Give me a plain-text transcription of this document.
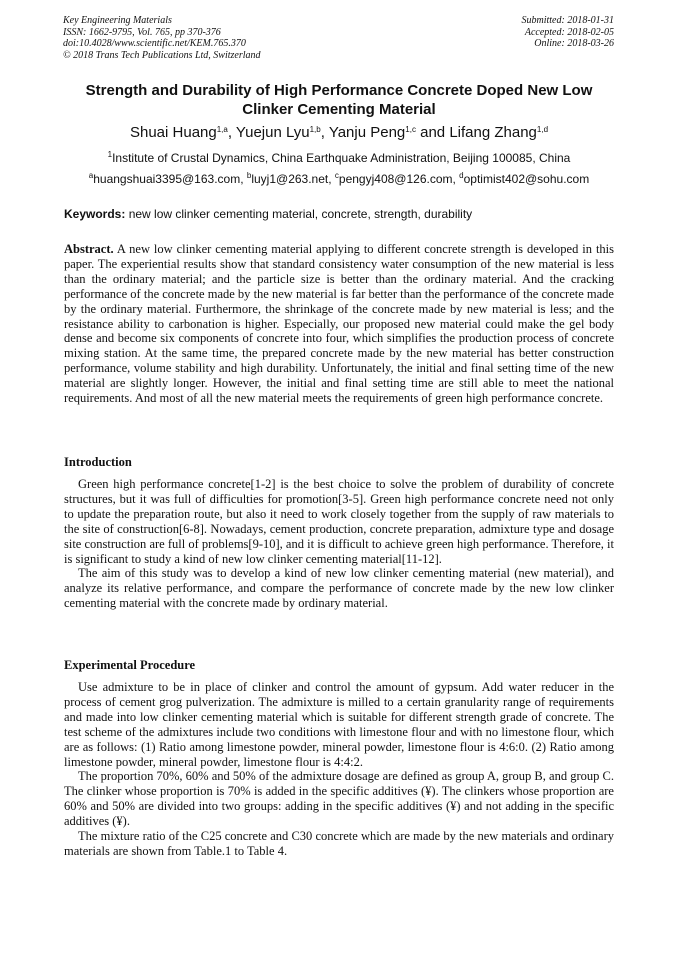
Key Engineering Materials
ISSN: 1662-9795, Vol. 765, pp 370-376
doi:10.4028/www.scientific.net/KEM.765.370
© 2018 Trans Tech Publications Ltd, Switzerland
Submitted: 2018-01-31
Accepted: 2018-02-05
Online: 2018-03-26
Strength and Durability of High Performance Concrete Doped New Low Clinker Cementing Material
Shuai Huang$^{1,a}$, Yuejun Lyu$^{1,b}$, Yanju Peng$^{1,c}$ and Lifang Zhang$^{1,d}$
$^1$Institute of Crustal Dynamics, China Earthquake Administration, Beijing 100085, China
$^a$huangshuai3395@163.com, $^b$luyj1@263.net, $^c$pengyj408@126.com, $^d$optimist402@sohu.com
Keywords: new low clinker cementing material, concrete, strength, durability

Abstract. A new low clinker cementing material applying to different concrete strength is developed in this paper. The experiential results show that standard consistency water consumption of the new material is less than the ordinary material; and the particle size is better than the ordinary material. And the cracking performance of the concrete made by the new material is far better than the performance of the concrete made by the ordinary material. Furthermore, the shrinkage of the concrete made by new material is less; and the resistance ability to carbonation is higher. Especially, our proposed new material could make the gel body dense and become six components of concrete into four, which simplifies the production process of concrete mixing station. At the same time, the prepared concrete made by the new material has better construction performance, volume stability and high durability. Unfortunately, the initial and final setting time of the new material are slightly longer. However, the initial and final setting time are still able to meet the national requirements. And most of all the new material meets the requirements of green high performance concrete.

Introduction

Green high performance concrete[1-2] is the best choice to solve the problem of durability of concrete structures, but it was full of difficulties for promotion[3-5]. Green high performance concrete need not only to update the preparation route, but also it need to work closely together from the supply of raw materials to the site of construction[6-8]. Nowadays, cement production, concrete preparation, admixture type and dosage site construction are full of problems[9-10], and it is difficult to achieve green high performance. Therefore, it is significant to study a kind of new low clinker cementing material[11-12].

The aim of this study was to develop a kind of new low clinker cementing material (new material), and analyze its relative performance, and compare the performance of concrete made by the new low clinker cementing material with the concrete made by ordinary material.

Experimental Procedure

Use admixture to be in place of clinker and control the amount of gypsum. Add water reducer in the process of cement grog pulverization. The admixture is milled to a certain granularity range of requirements and made into low clinker cementing material which is suitable for different strength grade of concrete. The test scheme of the admixtures include two conditions with limestone flour and with no limestone flour, which are as follows: (1) Ratio among limestone powder, mineral powder, limestone flour is 4:6:0. (2) Ratio among limestone powder, mineral powder, limestone flour is 4:4:2.

The proportion 70%, 60% and 50% of the admixture dosage are defined as group A, group B, and group C. The clinker whose proportion is 70% is added in the specific additives (¥). The clinkers whose proportion are 60% and 50% are divided into two groups: adding in the specific additives (¥) and not adding in the specific additives (¥).

The mixture ratio of the C25 concrete and C30 concrete which are made by the new materials and ordinary materials are shown from Table.1 to Table 4.
